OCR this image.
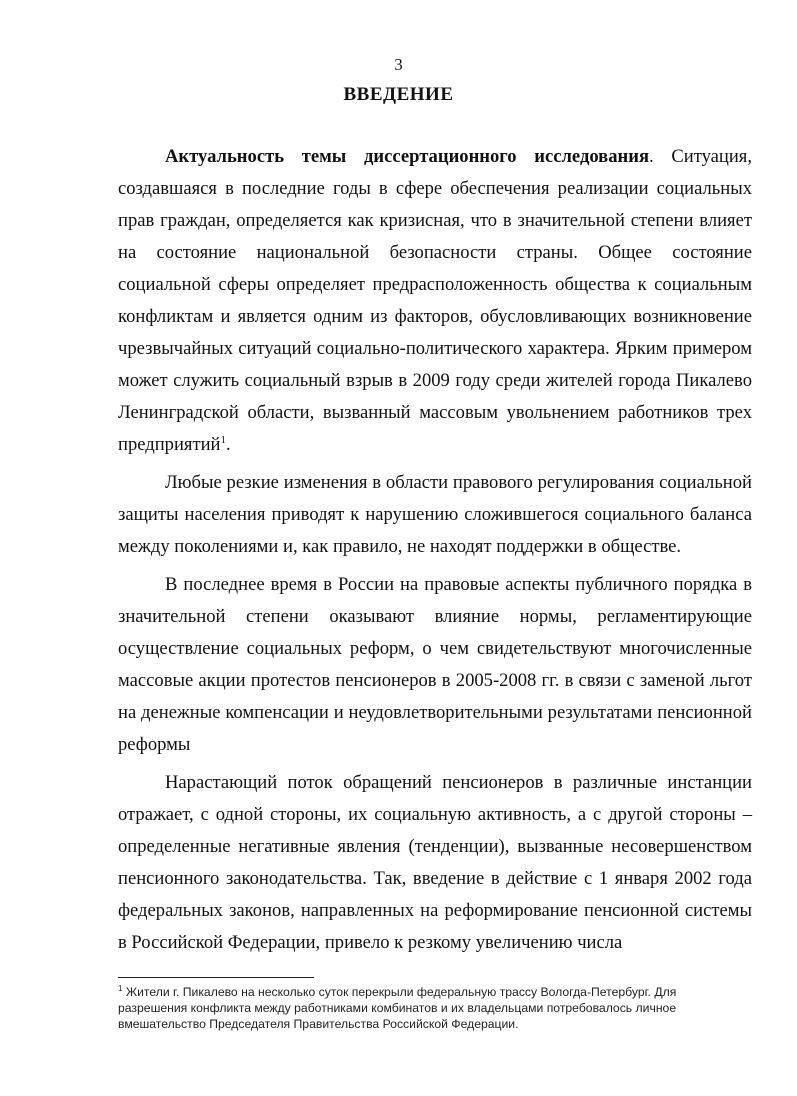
3
ВВЕДЕНИЕ

Актуальность темы диссертационного исследования. Ситуация, создавшаяся в последние годы в сфере обеспечения реализации социальных прав граждан, определяется как кризисная, что в значительной степени влияет на состояние национальной безопасности страны. Общее состояние социальной сферы определяет предрасположенность общества к социальным конфликтам и является одним из факторов, обусловливающих возникновение чрезвычайных ситуаций социально-политического характера. Ярким примером может служить социальный взрыв в 2009 году среди жителей города Пикалево Ленинградской области, вызванный массовым увольнением работников трех предприятий$^1$.

Любые резкие изменения в области правового регулирования социальной защиты населения приводят к нарушению сложившегося социального баланса между поколениями и, как правило, не находят поддержки в обществе.

В последнее время в России на правовые аспекты публичного порядка в значительной степени оказывают влияние нормы, регламентирующие осуществление социальных реформ, о чем свидетельствуют многочисленные массовые акции протестов пенсионеров в 2005-2008 гг. в связи с заменой льгот на денежные компенсации и неудовлетворительными результатами пенсионной реформы

Нарастающий поток обращений пенсионеров в различные инстанции отражает, с одной стороны, их социальную активность, а с другой стороны – определенные негативные явления (тенденции), вызванные несовершенством пенсионного законодательства. Так, введение в действие с 1 января 2002 года федеральных законов, направленных на реформирование пенсионной системы в Российской Федерации, привело к резкому увеличению числа

$^1$ Жители г. Пикалево на несколько суток перекрыли федеральную трассу Вологда-Петербург. Для разрешения конфликта между работниками комбинатов и их владельцами потребовалось личное вмешательство Председателя Правительства Российской Федерации.
